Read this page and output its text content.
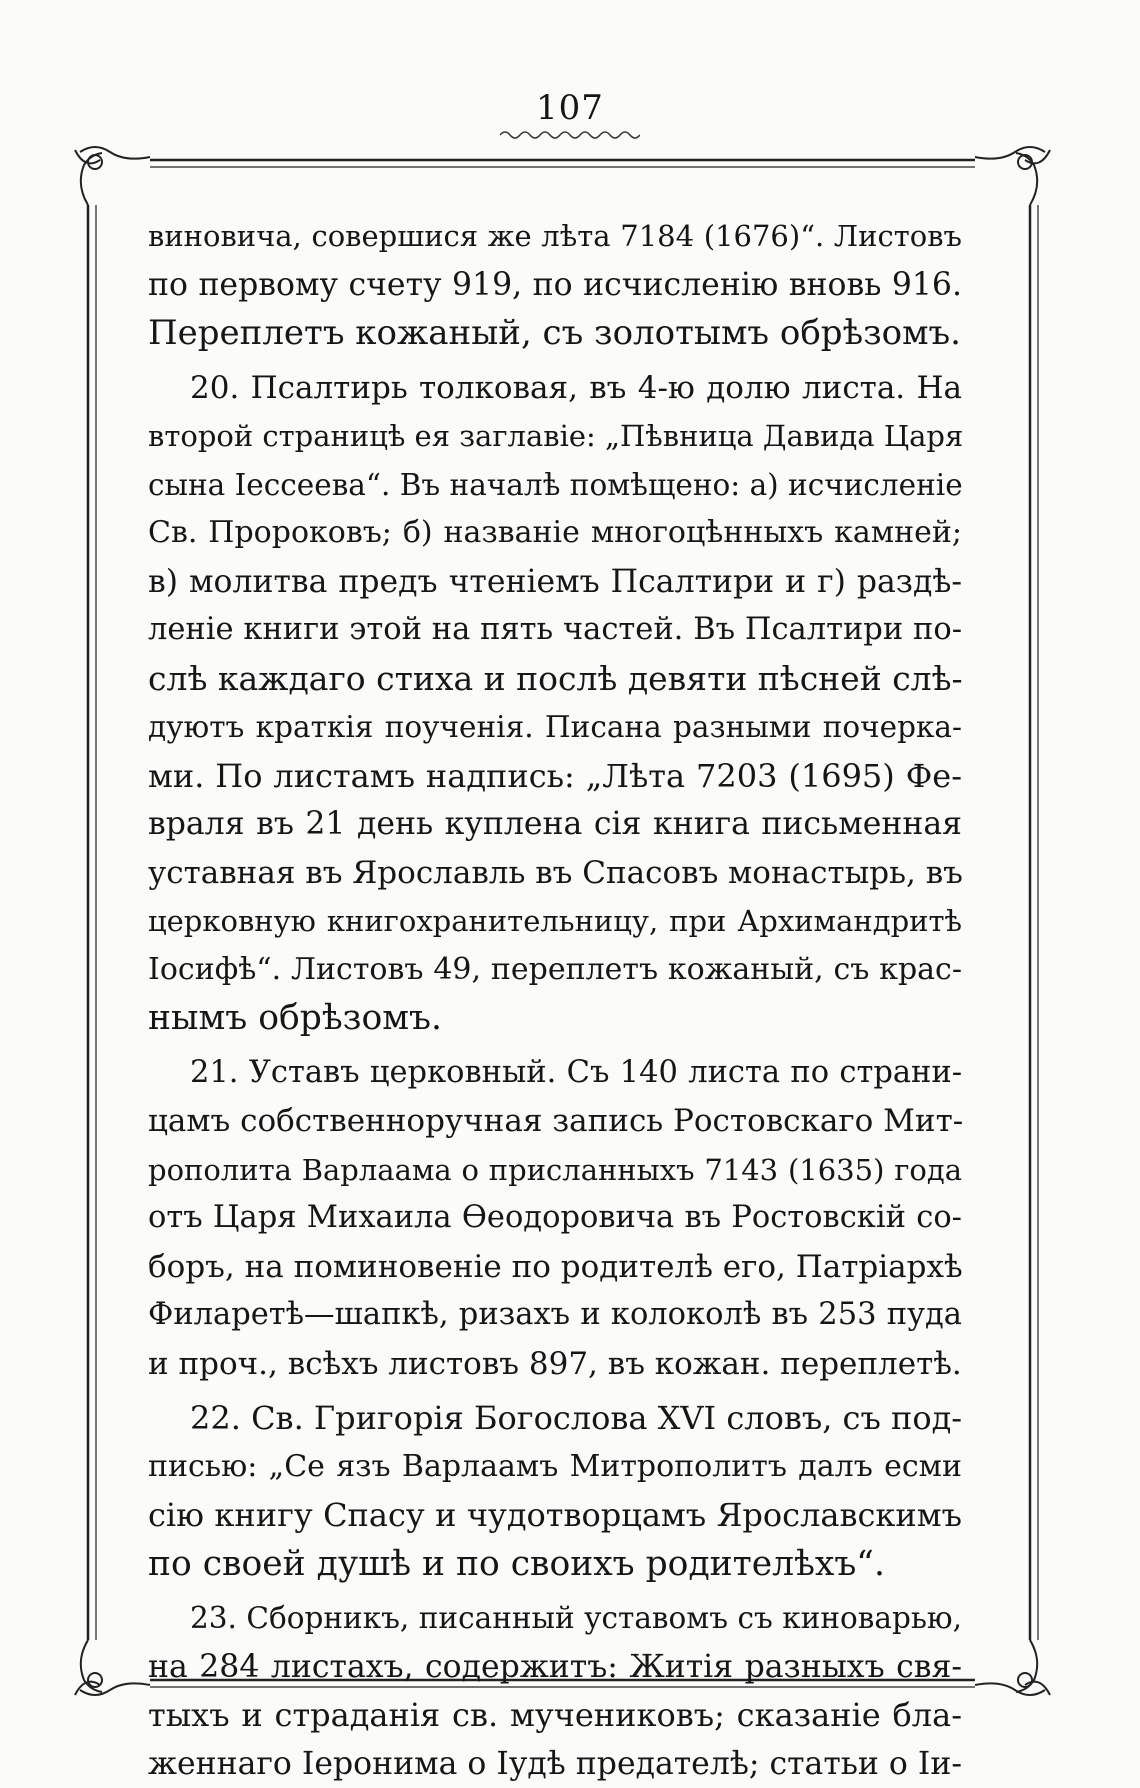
107
виновича, совершися же лѣта 7184 (1676)“. Листовъ
по первому счету 919, по исчисленію вновь 916.
Переплетъ кожаный, съ золотымъ обрѣзомъ.
20. Псалтирь толковая, въ 4-ю долю листа. На
второй страницѣ ея заглавіе: „Пѣвница Давида Царя
сына Іессеева“. Въ началѣ помѣщено: а) исчисленіе
Св. Пророковъ; б) названіе многоцѣнныхъ камней;
в) молитва предъ чтеніемъ Псалтири и г) раздѣ-
леніе книги этой на пять частей. Въ Псалтири по-
слѣ каждаго стиха и послѣ девяти пѣсней слѣ-
дуютъ краткія поученія. Писана разными почерка-
ми. По листамъ надпись: „Лѣта 7203 (1695) Фе-
враля въ 21 день куплена сія книга письменная
уставная въ Ярославль въ Спасовъ монастырь, въ
церковную книгохранительницу, при Архимандритѣ
Іосифѣ“. Листовъ 49, переплетъ кожаный, съ крас-
нымъ обрѣзомъ.
21. Уставъ церковный. Съ 140 листа по страни-
цамъ собственноручная запись Ростовскаго Мит-
рополита Варлаама о присланныхъ 7143 (1635) года
отъ Царя Михаила Өеодоровича въ Ростовскій со-
боръ, на поминовеніе по родителѣ его, Патріархѣ
Филаретѣ—шапкѣ, ризахъ и колоколѣ въ 253 пуда
и проч., всѣхъ листовъ 897, въ кожан. переплетѣ.
22. Св. Григорія Богослова XVI словъ, съ под-
писью: „Се язъ Варлаамъ Митрополитъ далъ есми
сію книгу Спасу и чудотворцамъ Ярославскимъ
по своей душѣ и по своихъ родителѣхъ“.
23. Сборникъ, писанный уставомъ съ киноварью,
на 284 листахъ, содержитъ: Житія разныхъ свя-
тыхъ и страданія св. мучениковъ; сказаніе бла-
женнаго Іеронима о Іудѣ предателѣ; статьи о Іи-
